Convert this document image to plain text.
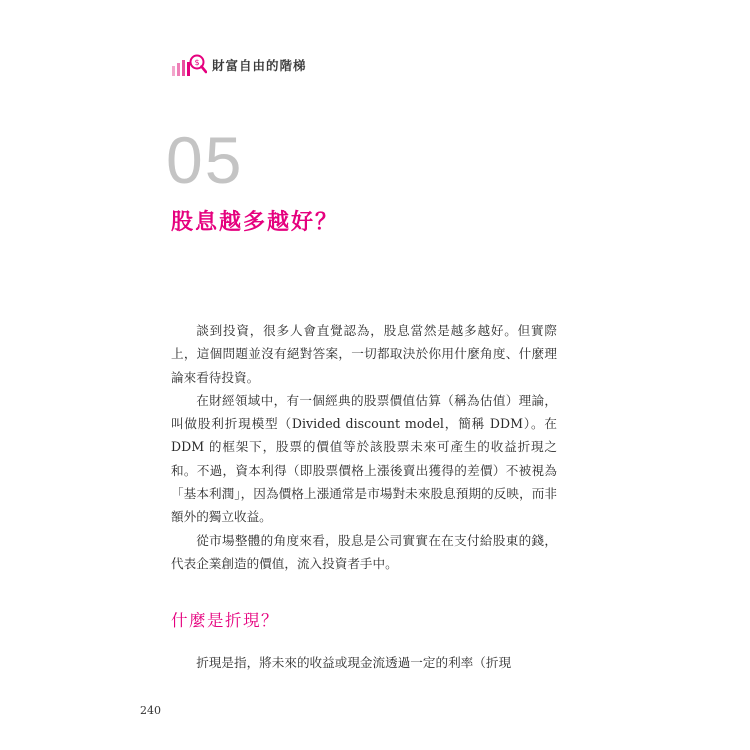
$ 財富自由的階梯
05
股息越多越好？

談到投資，很多人會直覺認為，股息當然是越多越好。但實際上，這個問題並沒有絕對答案，一切都取決於你用什麼角度、什麼理論來看待投資。

在財經領域中，有一個經典的股票價值估算（稱為估值）理論，叫做股利折現模型（Divided discount model，簡稱 DDM）。在 DDM 的框架下，股票的價值等於該股票未來可產生的收益折現之和。不過，資本利得（即股票價格上漲後賣出獲得的差價）不被視為「基本利潤」，因為價格上漲通常是市場對未來股息預期的反映，而非額外的獨立收益。

從市場整體的角度來看，股息是公司實實在在支付給股東的錢，代表企業創造的價值，流入投資者手中。

什麼是折現？

折現是指，將未來的收益或現金流透過一定的利率（折現

240
